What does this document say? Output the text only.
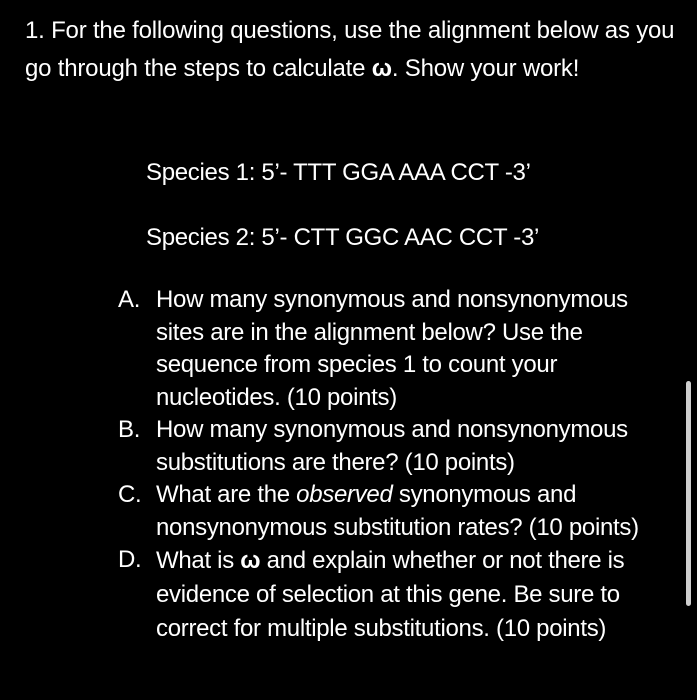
1. For the following questions, use the alignment below as you go through the steps to calculate ω. Show your work!
Species 1: 5’- TTT GGA AAA CCT -3’
Species 2: 5’- CTT GGC AAC CCT -3’
A. How many synonymous and nonsynonymous sites are in the alignment below? Use the sequence from species 1 to count your nucleotides. (10 points)
B. How many synonymous and nonsynonymous substitutions are there? (10 points)
C. What are the observed synonymous and nonsynonymous substitution rates? (10 points)
D. What is ω and explain whether or not there is evidence of selection at this gene. Be sure to correct for multiple substitutions. (10 points)
